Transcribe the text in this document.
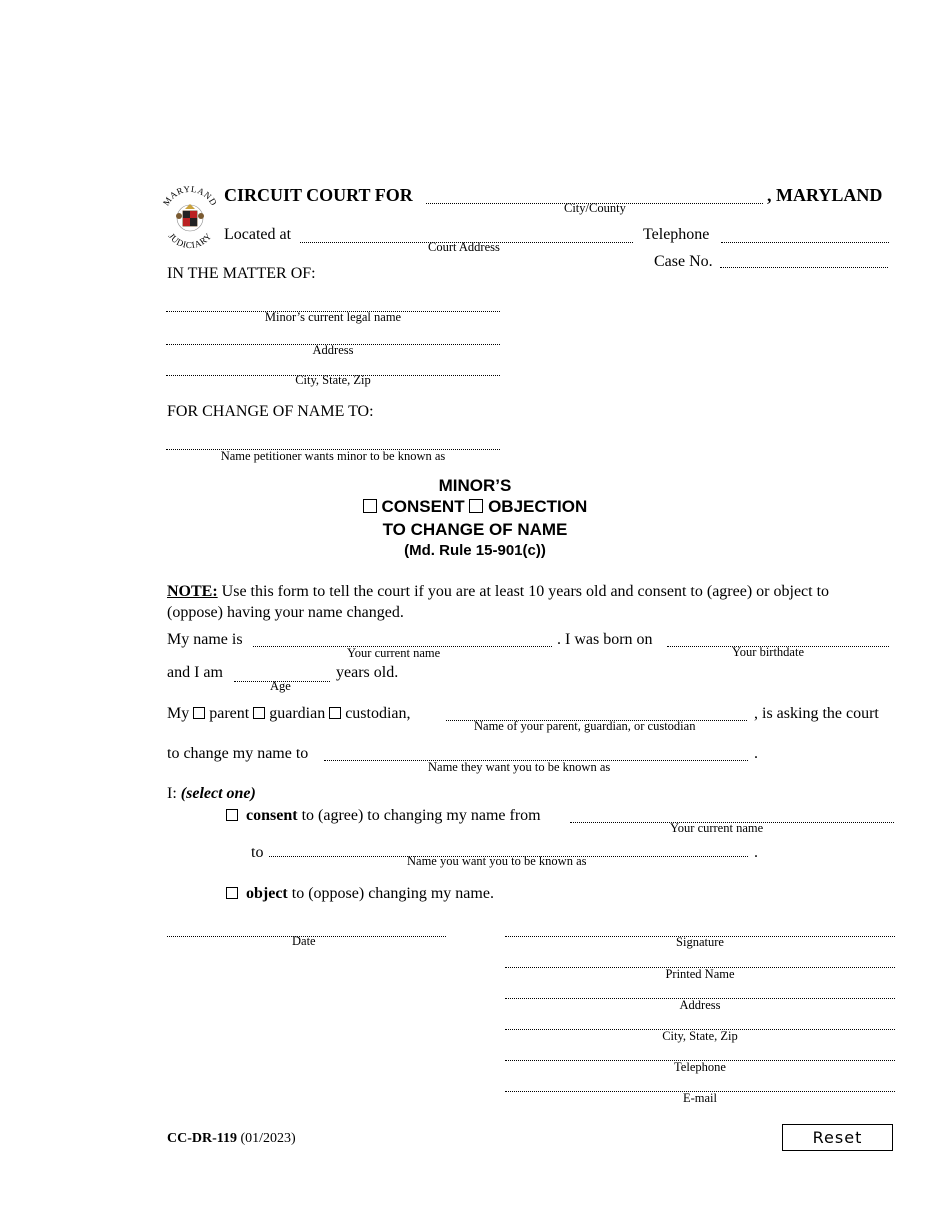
MARYLAND
JUDICIARY
CIRCUIT COURT FOR
City/County
, MARYLAND
Located at
Court Address
Telephone
Case No.
IN THE MATTER OF:
Minor’s current legal name
Address
City, State, Zip
FOR CHANGE OF NAME TO:
Name petitioner wants minor to be known as
MINOR’S
CONSENT OBJECTION
TO CHANGE OF NAME
(Md. Rule 15-901(c))
NOTE: Use this form to tell the court if you are at least 10 years old and consent to (agree) or object to (oppose) having your name changed.
My name is
Your current name
. I was born on
Your birthdate
and I am
Age
years old.
My parent guardian custodian,
Name of your parent, guardian, or custodian
, is asking the court
to change my name to
Name they want you to be known as
.
I: (select one)
consent to (agree) to changing my name from
Your current name
to	Name you want you to be known as	.
object to (oppose) changing my name.
Date	Signature
Printed Name
Address
City, State, Zip
Telephone
E-mail
CC-DR-119 (01/2023)	Reset
